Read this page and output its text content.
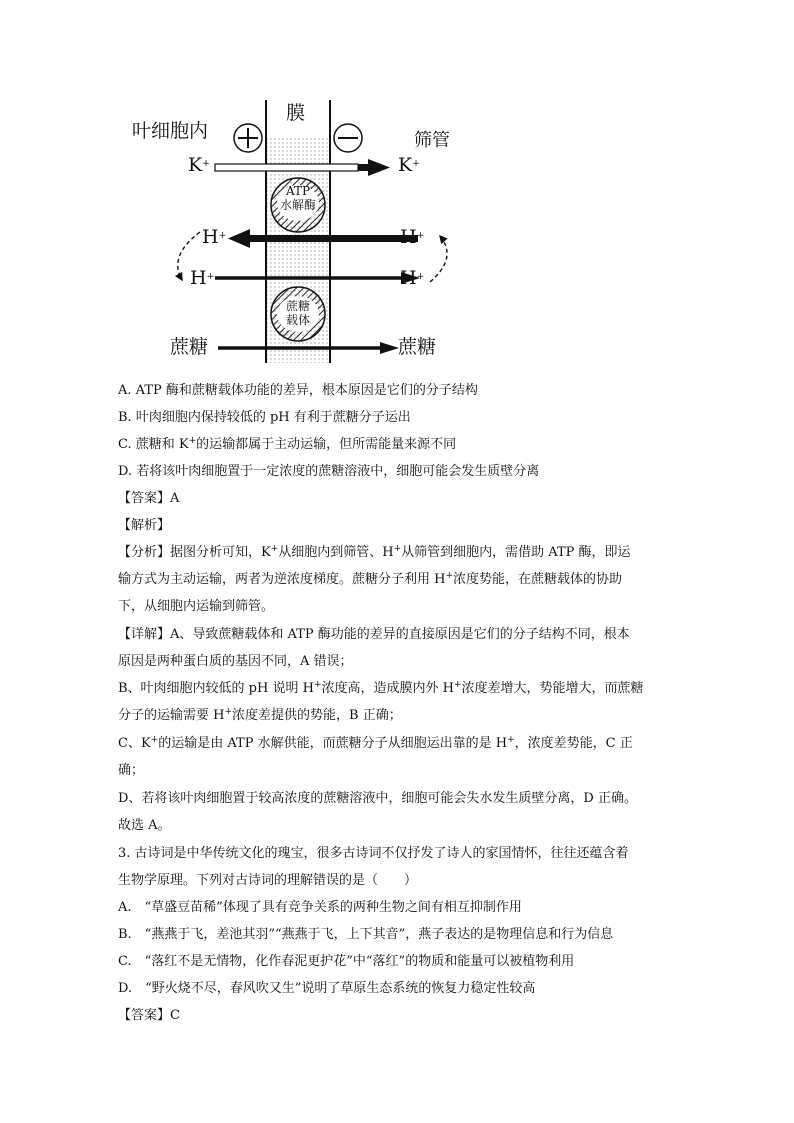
膜
叶细胞内	筛管
K+	K+
ATP
水解酶
H+	H+
H+	H+
蔗糖
载体
蔗糖	蔗糖
A. ATP 酶和蔗糖载体功能的差异，根本原因是它们的分子结构
B. 叶肉细胞内保持较低的 pH 有利于蔗糖分子运出
C. 蔗糖和 K+的运输都属于主动运输，但所需能量来源不同
D. 若将该叶肉细胞置于一定浓度的蔗糖溶液中，细胞可能会发生质壁分离
【答案】A
【解析】
【分析】据图分析可知，K+从细胞内到筛管、H+从筛管到细胞内，需借助 ATP 酶，即运
输方式为主动运输，两者为逆浓度梯度。蔗糖分子利用 H+浓度势能，在蔗糖载体的协助
下，从细胞内运输到筛管。
【详解】A、导致蔗糖载体和 ATP 酶功能的差异的直接原因是它们的分子结构不同，根本
原因是两种蛋白质的基因不同，A 错误；
B、叶肉细胞内较低的 pH 说明 H+浓度高，造成膜内外 H+浓度差增大，势能增大，而蔗糖
分子的运输需要 H+浓度差提供的势能，B 正确；
C、K+的运输是由 ATP 水解供能，而蔗糖分子从细胞运出靠的是 H+，浓度差势能，C 正
确；
D、若将该叶肉细胞置于较高浓度的蔗糖溶液中，细胞可能会失水发生质壁分离，D 正确。
故选 A。
3. 古诗词是中华传统文化的瑰宝，很多古诗词不仅抒发了诗人的家国情怀，往往还蕴含着
生物学原理。下列对古诗词的理解错误的是（　　）
A.　“草盛豆苗稀”体现了具有竞争关系的两种生物之间有相互抑制作用
B.　“燕燕于飞，差池其羽”“燕燕于飞，上下其音”，燕子表达的是物理信息和行为信息
C.　“落红不是无情物，化作春泥更护花”中“落红”的物质和能量可以被植物利用
D.　“野火烧不尽，春风吹又生”说明了草原生态系统的恢复力稳定性较高
【答案】C
